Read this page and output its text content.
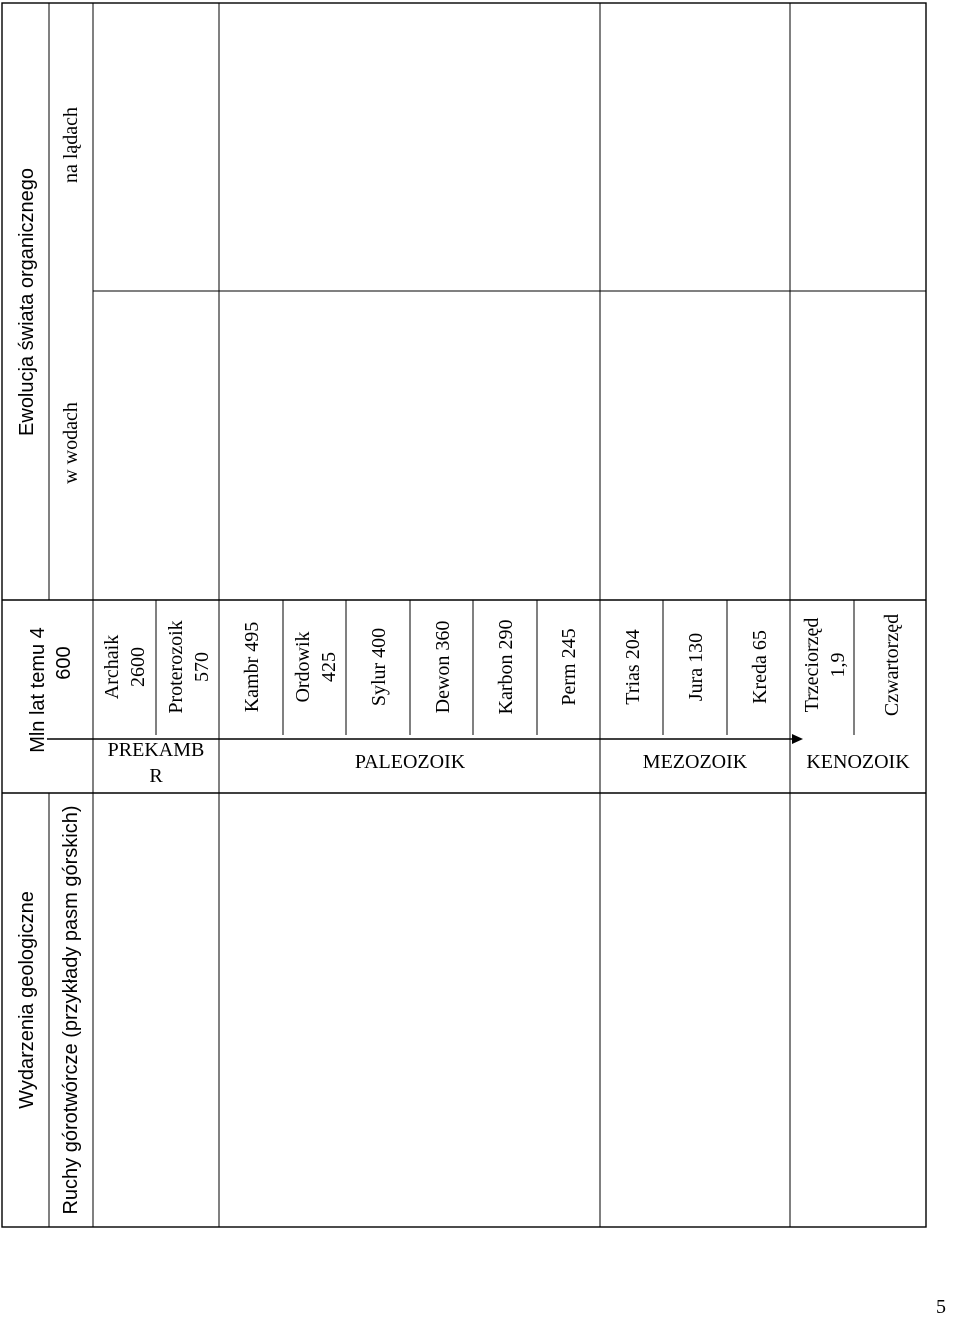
Wydarzenia geologiczne Ruchy górotwórcze (przykłady pasm górskich)
Mln lat temu 4 600
Ewolucja świata organicznego
w wodach
na lądach
PREKAMB
R
PALEOZOIK	MEZOZOIK	KENOZOIK
Archaik 2600 Proterozoik 570 Kambr 495 Ordowik 425 Sylur 400 Dewon 360 Karbon 290 Perm 245 Trias 204 Jura 130 Kreda 65 Trzeciorzęd 1,9 Czwartorzęd
5
